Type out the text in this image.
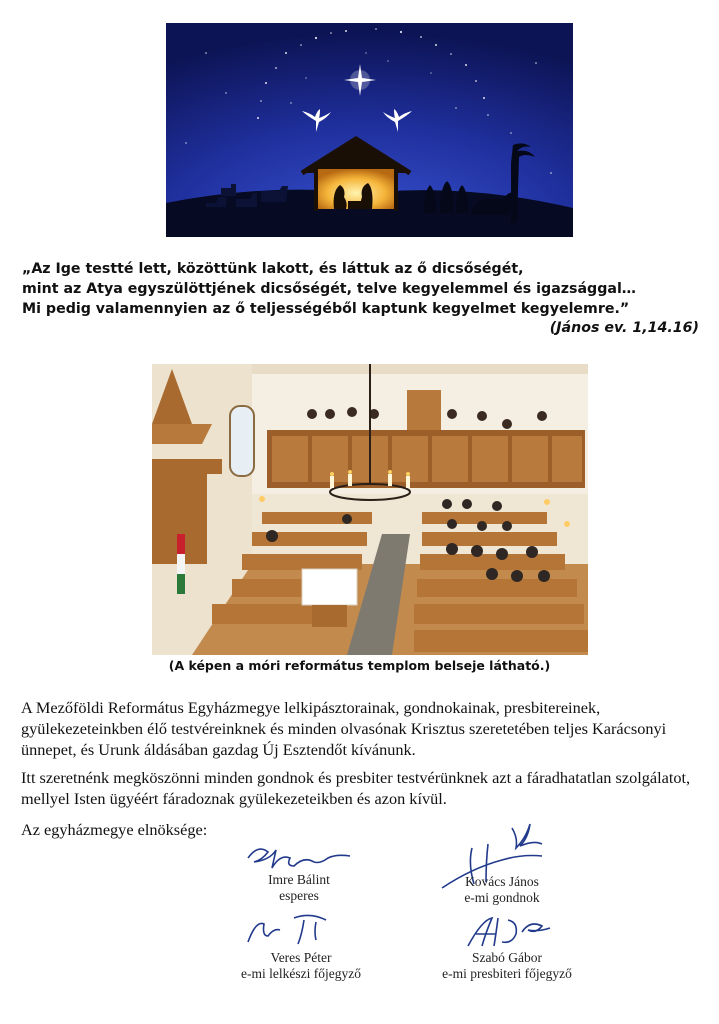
„Az Ige testté lett, közöttünk lakott, és láttuk az ő dicsőségét,
mint az Atya egyszülöttjének dicsőségét, telve kegyelemmel és igazsággal…
Mi pedig valamennyien az ő teljességéből kaptunk kegyelmet kegyelemre.”
(János ev. 1,14.16)
(A képen a móri református templom belseje látható.)

A Mezőföldi Református Egyházmegye lelkipásztorainak, gondnokainak, presbitereinek, gyülekezeteinkben élő testvéreinknek és minden olvasónak Krisztus szeretetében teljes Karácsonyi ünnepet, és Urunk áldásában gazdag Új Esztendőt kívánunk.

Itt szeretnénk megköszönni minden gondnok és presbiter testvérünknek azt a fáradhatatlan szolgálatot, mellyel Isten ügyéért fáradoznak gyülekezeteikben és azon kívül.

Az egyházmegye elnöksége:

Imre Bálint
esperes
Kovács János
e-mi gondnok
Veres Péter
e-mi lelkészi főjegyző
Szabó Gábor
e-mi presbiteri főjegyző
